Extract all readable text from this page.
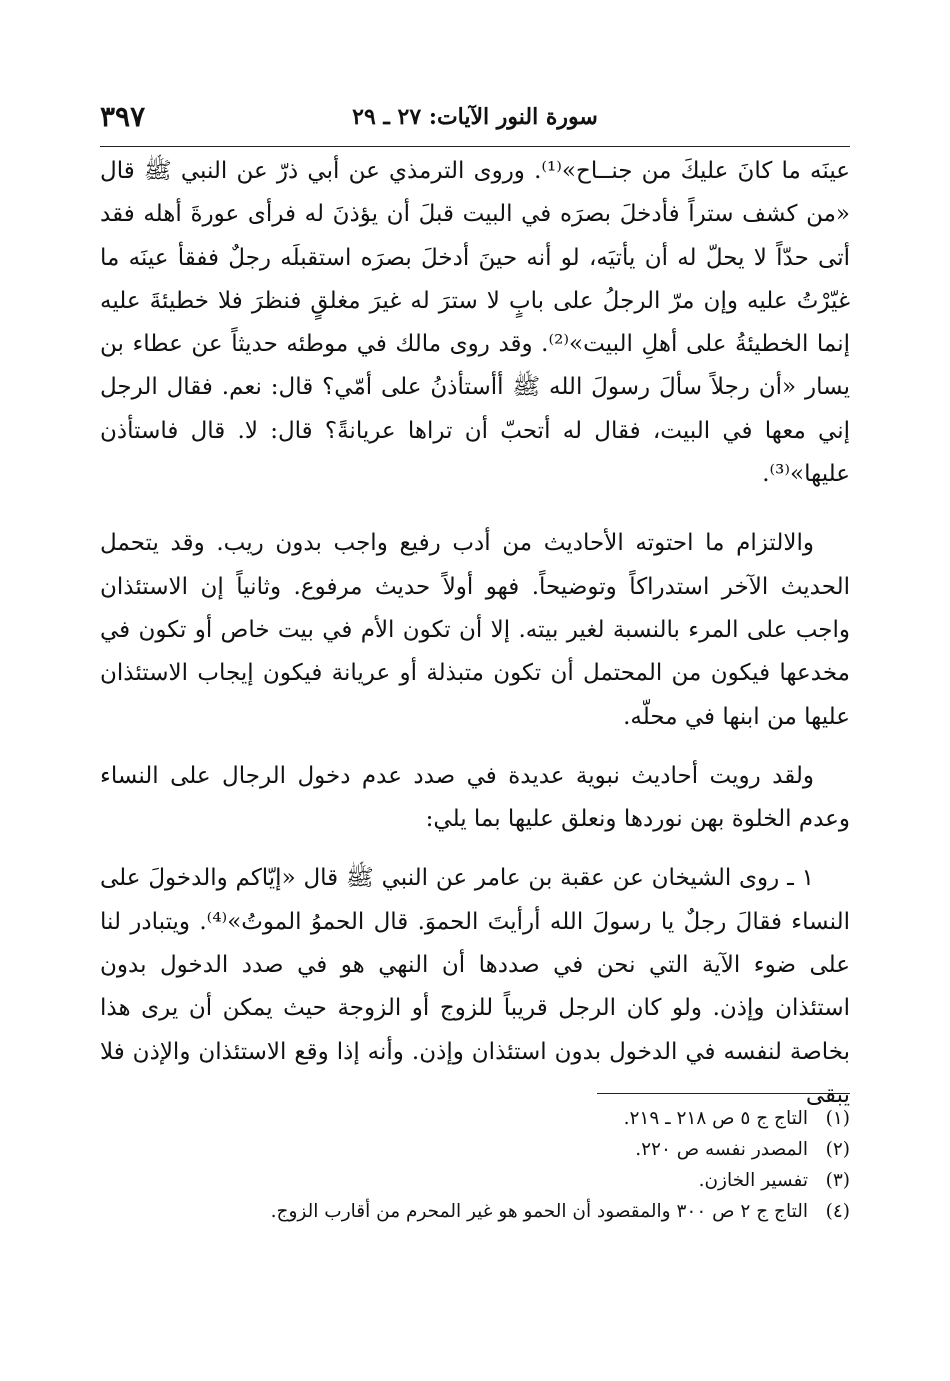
سورة النور الآيات: ٢٧ ـ ٢٩
٣٩٧

عينَه ما كانَ عليكَ من جنــاح»⁽¹⁾. وروى الترمذي عن أبي ذرّ عن النبي ﷺ قال «من كشف ستراً فأدخلَ بصرَه في البيت قبلَ أن يؤذنَ له فرأى عورةَ أهله فقد أتى حدّاً لا يحلّ له أن يأتيَه، لو أنه حينَ أدخلَ بصرَه استقبلَه رجلٌ ففقأ عينَه ما غيّرْتُ عليه وإن مرّ الرجلُ على بابٍ لا سترَ له غيرَ مغلقٍ فنظرَ فلا خطيئةَ عليه إنما الخطيئةُ على أهلِ البيت»⁽²⁾. وقد روى مالك في موطئه حديثاً عن عطاء بن يسار «أن رجلاً سألَ رسولَ الله ﷺ أأستأذنُ على أمّي؟ قال: نعم. فقال الرجل إني معها في البيت، فقال له أتحبّ أن تراها عريانةً؟ قال: لا. قال فاستأذن عليها»⁽³⁾.

والالتزام ما احتوته الأحاديث من أدب رفيع واجب بدون ريب. وقد يتحمل الحديث الآخر استدراكاً وتوضيحاً. فهو أولاً حديث مرفوع. وثانياً إن الاستئذان واجب على المرء بالنسبة لغير بيته. إلا أن تكون الأم في بيت خاص أو تكون في مخدعها فيكون من المحتمل أن تكون متبذلة أو عريانة فيكون إيجاب الاستئذان عليها من ابنها في محلّه.

ولقد رويت أحاديث نبوية عديدة في صدد عدم دخول الرجال على النساء وعدم الخلوة بهن نوردها ونعلق عليها بما يلي:

١ ـ روى الشيخان عن عقبة بن عامر عن النبي ﷺ قال «إيّاكم والدخولَ على النساء فقالَ رجلٌ يا رسولَ الله أرأيتَ الحموَ. قال الحموُ الموتُ»⁽⁴⁾. ويتبادر لنا على ضوء الآية التي نحن في صددها أن النهي هو في صدد الدخول بدون استئذان وإذن. ولو كان الرجل قريباً للزوج أو الزوجة حيث يمكن أن يرى هذا بخاصة لنفسه في الدخول بدون استئذان وإذن. وأنه إذا وقع الاستئذان والإذن فلا يبقى

(١)التاج ج ٥ ص ٢١٨ ـ ٢١٩.
(٢)المصدر نفسه ص ٢٢٠.
(٣)تفسير الخازن.
(٤)التاج ج ٢ ص ٣٠٠ والمقصود أن الحمو هو غير المحرم من أقارب الزوج.
